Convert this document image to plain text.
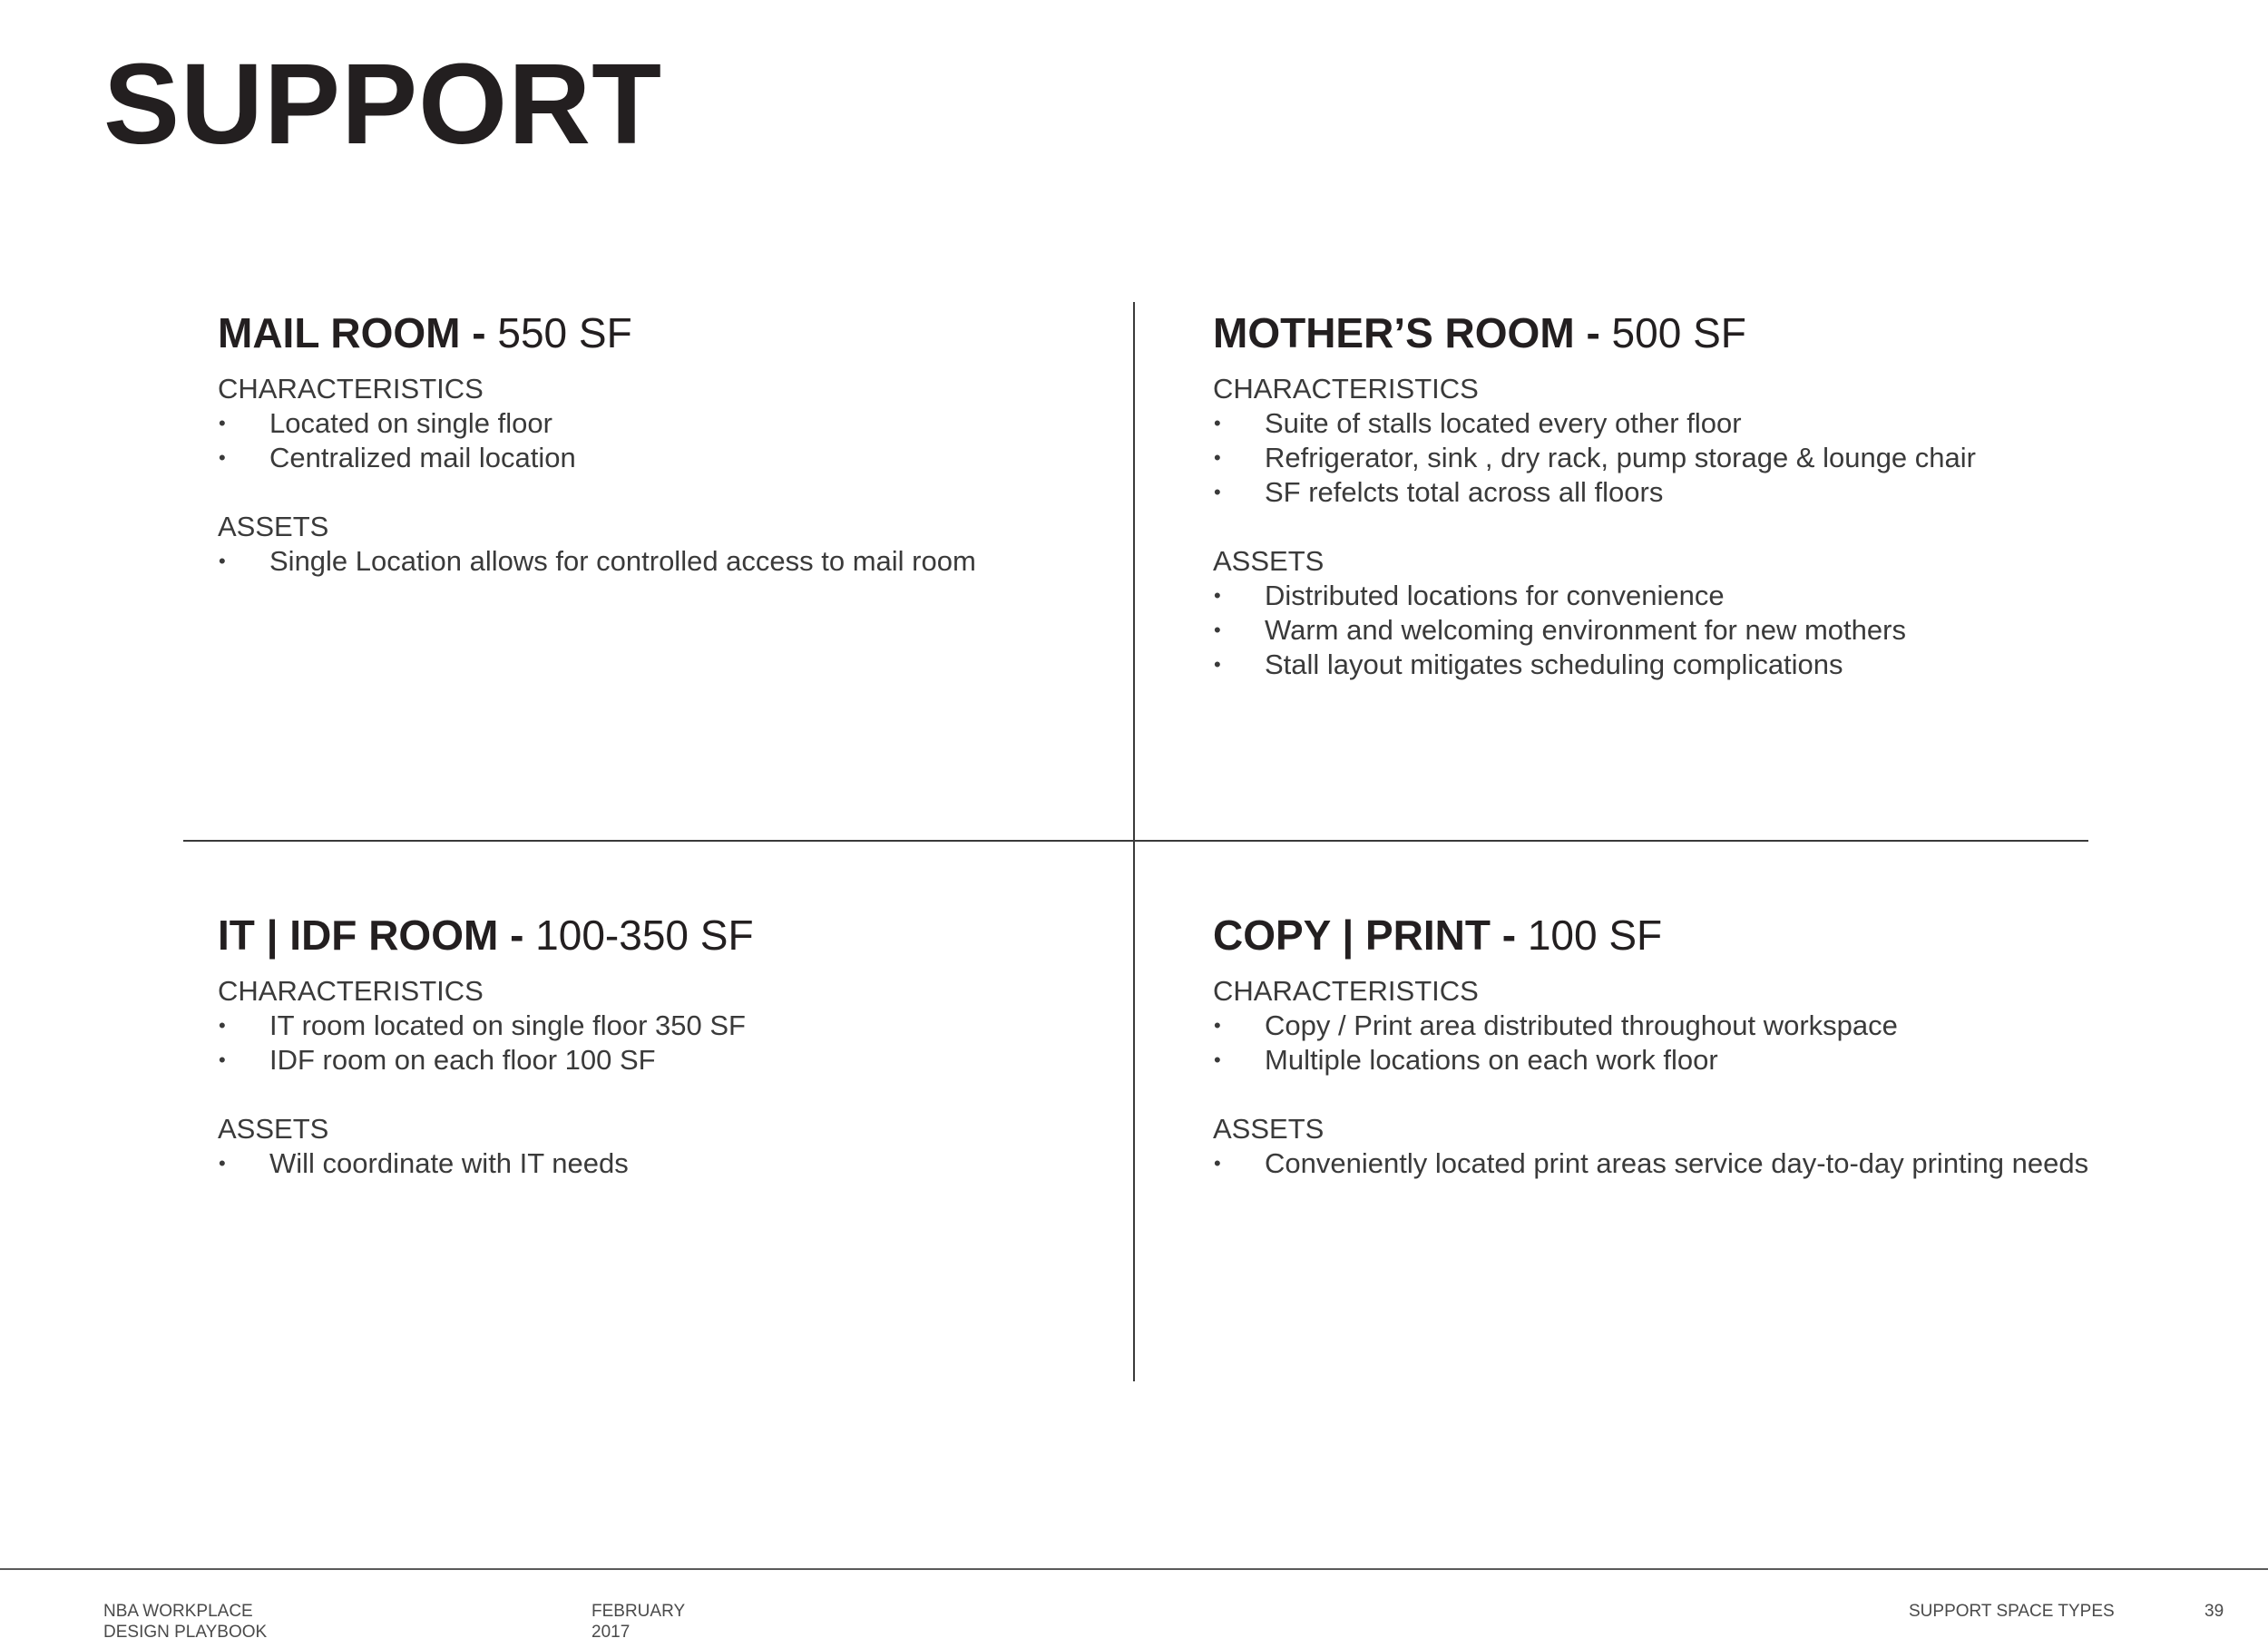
SUPPORT
MAIL ROOM - 550 SF

CHARACTERISTICS

• Located on single floor
• Centralized mail location

ASSETS

• Single Location allows for controlled access to mail room
MOTHER’S ROOM - 500 SF

CHARACTERISTICS

• Suite of stalls located every other floor
• Refrigerator, sink , dry rack, pump storage & lounge chair
• SF refelcts total across all floors

ASSETS

• Distributed locations for convenience
• Warm and welcoming environment for new mothers
• Stall layout mitigates scheduling complications
IT | IDF ROOM - 100-350 SF

CHARACTERISTICS

• IT room located on single floor 350 SF
• IDF room on each floor 100 SF

ASSETS

• Will coordinate with IT needs
COPY | PRINT - 100 SF

CHARACTERISTICS

• Copy / Print area distributed throughout workspace
• Multiple locations on each work floor

ASSETS

• Conveniently located print areas service day-to-day printing needs
NBA WORKPLACE
DESIGN PLAYBOOK
FEBRUARY
2017
SUPPORT SPACE TYPES	39
